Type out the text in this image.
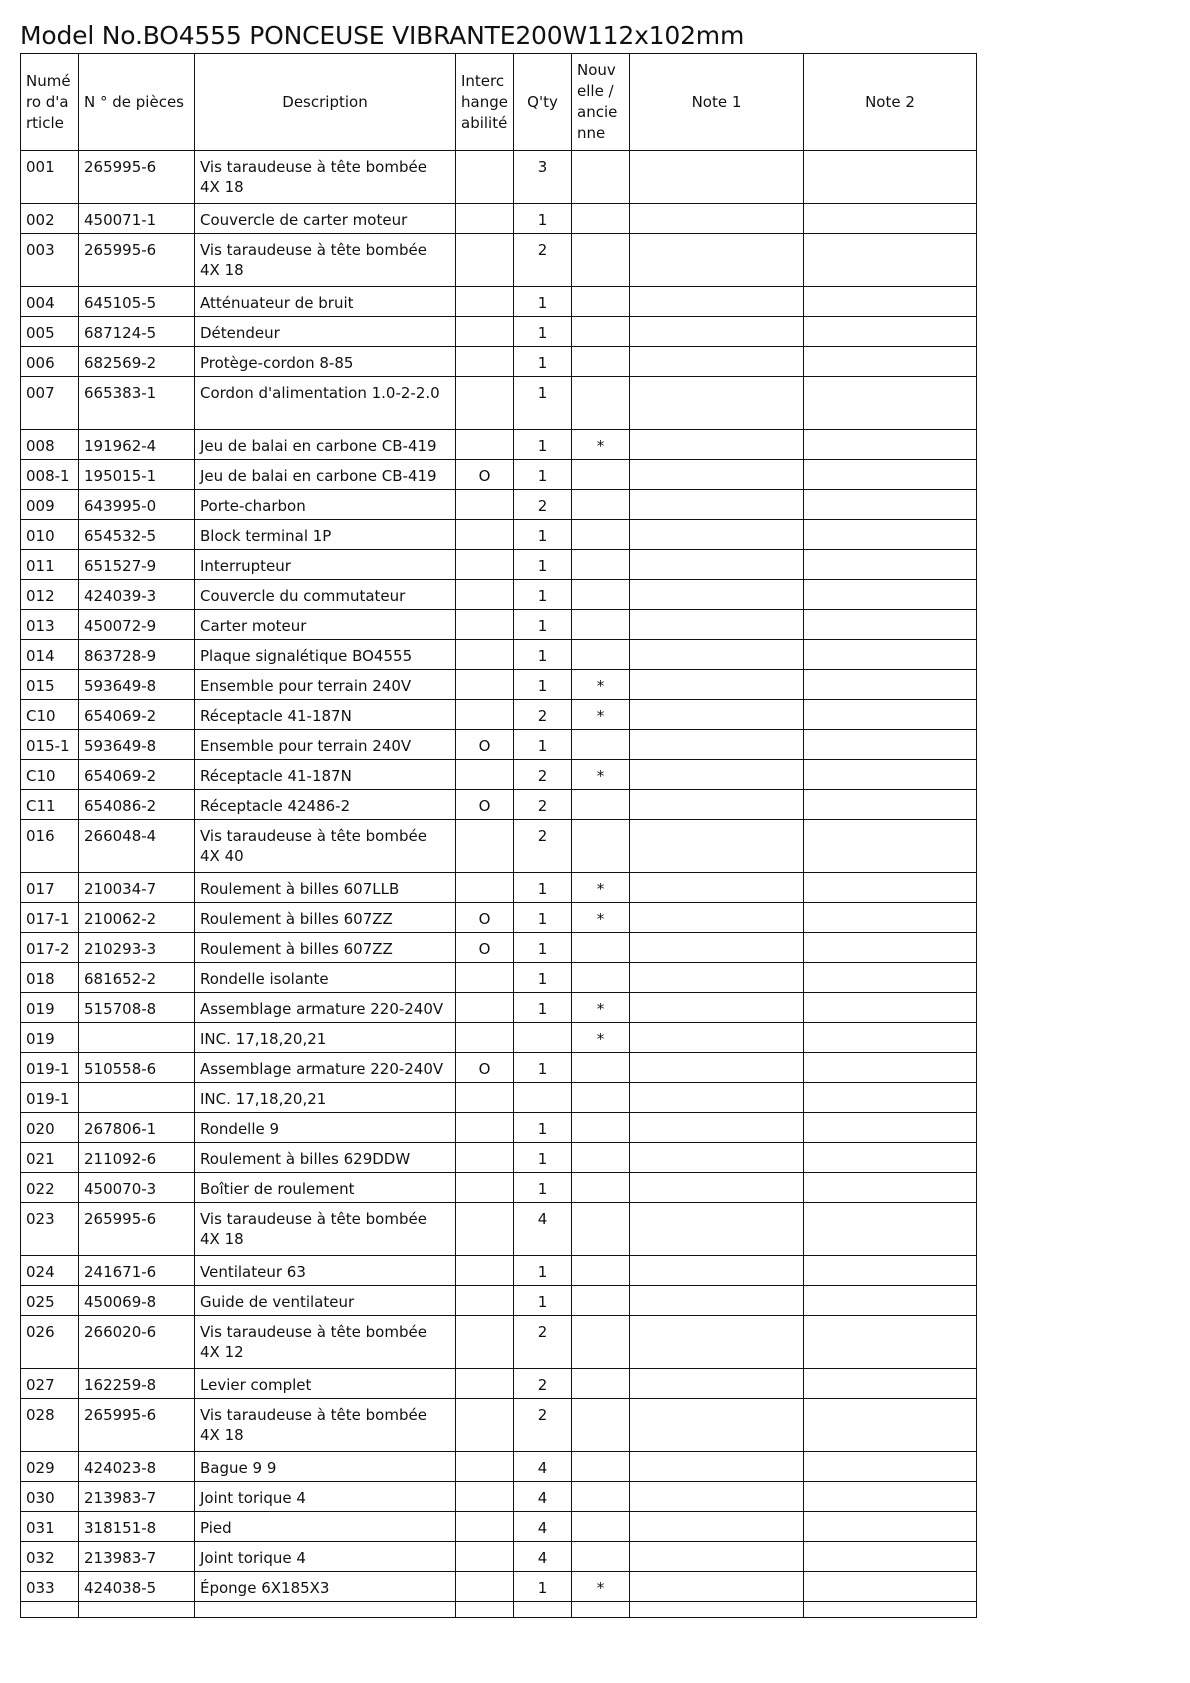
Model No.BO4555 PONCEUSE VIBRANTE200W112x102mm
Numéro d'article	N ° de pièces	Description	Interchangeabilité	Q'ty	Nouvelle / ancienne	Note 1	Note 2
001	265995-6	Vis taraudeuse à tête bombée 4X 18		3			
002	450071-1	Couvercle de carter moteur		1			
003	265995-6	Vis taraudeuse à tête bombée 4X 18		2			
004	645105-5	Atténuateur de bruit		1			
005	687124-5	Détendeur		1			
006	682569-2	Protège-cordon 8-85		1			
007	665383-1	Cordon d'alimentation 1.0-2-2.0		1			
008	191962-4	Jeu de balai en carbone CB-419		1	*		
008-1	195015-1	Jeu de balai en carbone CB-419	O	1			
009	643995-0	Porte-charbon		2			
010	654532-5	Block terminal 1P		1			
011	651527-9	Interrupteur		1			
012	424039-3	Couvercle du commutateur		1			
013	450072-9	Carter moteur		1			
014	863728-9	Plaque signalétique BO4555		1			
015	593649-8	Ensemble pour terrain 240V		1	*		
C10	654069-2	Réceptacle 41-187N		2	*		
015-1	593649-8	Ensemble pour terrain 240V	O	1			
C10	654069-2	Réceptacle 41-187N		2	*		
C11	654086-2	Réceptacle 42486-2	O	2			
016	266048-4	Vis taraudeuse à tête bombée 4X 40		2			
017	210034-7	Roulement à billes 607LLB		1	*		
017-1	210062-2	Roulement à billes 607ZZ	O	1	*		
017-2	210293-3	Roulement à billes 607ZZ	O	1			
018	681652-2	Rondelle isolante		1			
019	515708-8	Assemblage armature 220-240V		1	*		
019		INC. 17,18,20,21			*		
019-1	510558-6	Assemblage armature 220-240V	O	1			
019-1		INC. 17,18,20,21					
020	267806-1	Rondelle 9		1			
021	211092-6	Roulement à billes 629DDW		1			
022	450070-3	Boîtier de roulement		1			
023	265995-6	Vis taraudeuse à tête bombée 4X 18		4			
024	241671-6	Ventilateur 63		1			
025	450069-8	Guide de ventilateur		1			
026	266020-6	Vis taraudeuse à tête bombée 4X 12		2			
027	162259-8	Levier complet		2			
028	265995-6	Vis taraudeuse à tête bombée 4X 18		2			
029	424023-8	Bague 9 9		4			
030	213983-7	Joint torique 4		4			
031	318151-8	Pied		4			
032	213983-7	Joint torique 4		4			
033	424038-5	Éponge 6X185X3		1	*		
